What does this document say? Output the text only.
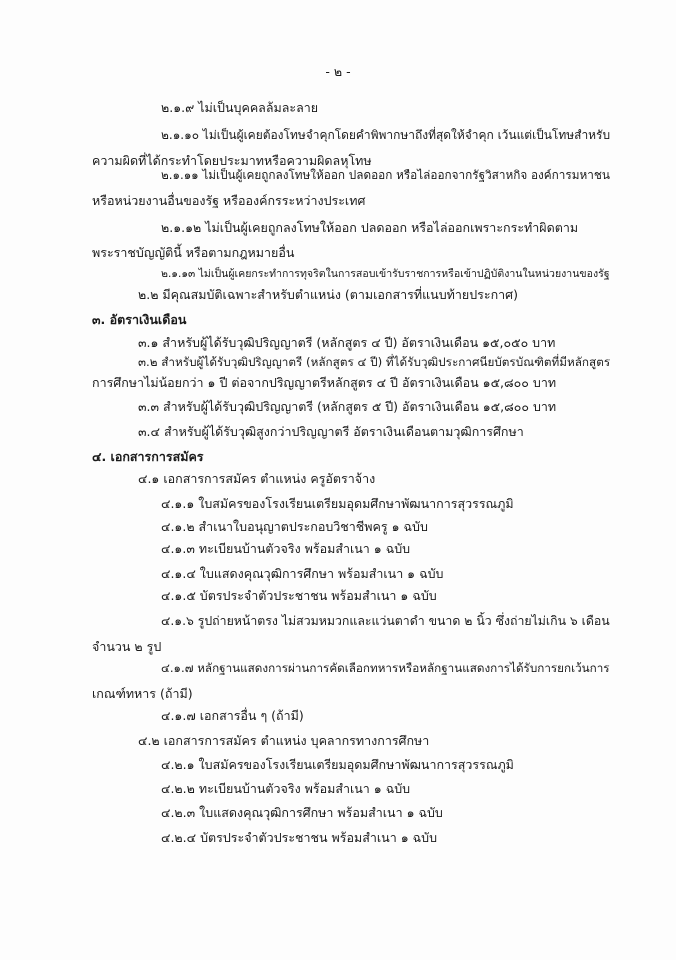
- ๒ -
๒.๑.๙ ไม่เป็นบุคคลล้มละลาย
๒.๑.๑๐ ไม่เป็นผู้เคยต้องโทษจำคุกโดยคำพิพากษาถึงที่สุดให้จำคุก เว้นแต่เป็นโทษสำหรับ
ความผิดที่ได้กระทำโดยประมาทหรือความผิดลหุโทษ
๒.๑.๑๑ ไม่เป็นผู้เคยถูกลงโทษให้ออก ปลดออก หรือไล่ออกจากรัฐวิสาหกิจ องค์การมหาชน
หรือหน่วยงานอื่นของรัฐ หรือองค์กรระหว่างประเทศ
๒.๑.๑๒ ไม่เป็นผู้เคยถูกลงโทษให้ออก ปลดออก หรือไล่ออกเพราะกระทำผิดตาม
พระราชบัญญัตินี้ หรือตามกฎหมายอื่น
๒.๑.๑๓ ไม่เป็นผู้เคยกระทำการทุจริตในการสอบเข้ารับราชการหรือเข้าปฏิบัติงานในหน่วยงานของรัฐ
๒.๒ มีคุณสมบัติเฉพาะสำหรับตำแหน่ง (ตามเอกสารที่แนบท้ายประกาศ)
๓. อัตราเงินเดือน
๓.๑ สำหรับผู้ได้รับวุฒิปริญญาตรี (หลักสูตร ๔ ปี) อัตราเงินเดือน ๑๕,๐๕๐ บาท
๓.๒ สำหรับผู้ได้รับวุฒิปริญญาตรี (หลักสูตร ๔ ปี) ที่ได้รับวุฒิประกาศนียบัตรบัณฑิตที่มีหลักสูตร
การศึกษาไม่น้อยกว่า ๑ ปี ต่อจากปริญญาตรีหลักสูตร ๔ ปี อัตราเงินเดือน ๑๕,๘๐๐ บาท
๓.๓ สำหรับผู้ได้รับวุฒิปริญญาตรี (หลักสูตร ๕ ปี) อัตราเงินเดือน ๑๕,๘๐๐ บาท
๓.๔ สำหรับผู้ได้รับวุฒิสูงกว่าปริญญาตรี อัตราเงินเดือนตามวุฒิการศึกษา
๔. เอกสารการสมัคร
๔.๑ เอกสารการสมัคร ตำแหน่ง ครูอัตราจ้าง
๔.๑.๑ ใบสมัครของโรงเรียนเตรียมอุดมศึกษาพัฒนาการสุวรรณภูมิ
๔.๑.๒ สำเนาใบอนุญาตประกอบวิชาชีพครู ๑ ฉบับ
๔.๑.๓ ทะเบียนบ้านตัวจริง พร้อมสำเนา ๑ ฉบับ
๔.๑.๔ ใบแสดงคุณวุฒิการศึกษา พร้อมสำเนา ๑ ฉบับ
๔.๑.๕ บัตรประจำตัวประชาชน พร้อมสำเนา ๑ ฉบับ
๔.๑.๖ รูปถ่ายหน้าตรง ไม่สวมหมวกและแว่นตาดำ ขนาด ๒ นิ้ว ซึ่งถ่ายไม่เกิน ๖ เดือน
จำนวน ๒ รูป
๔.๑.๗ หลักฐานแสดงการผ่านการคัดเลือกทหารหรือหลักฐานแสดงการได้รับการยกเว้นการ
เกณฑ์ทหาร (ถ้ามี)
๔.๑.๗ เอกสารอื่น ๆ (ถ้ามี)
๔.๒ เอกสารการสมัคร ตำแหน่ง บุคลากรทางการศึกษา
๔.๒.๑ ใบสมัครของโรงเรียนเตรียมอุดมศึกษาพัฒนาการสุวรรณภูมิ
๔.๒.๒ ทะเบียนบ้านตัวจริง พร้อมสำเนา ๑ ฉบับ
๔.๒.๓ ใบแสดงคุณวุฒิการศึกษา พร้อมสำเนา ๑ ฉบับ
๔.๒.๔ บัตรประจำตัวประชาชน พร้อมสำเนา ๑ ฉบับ
